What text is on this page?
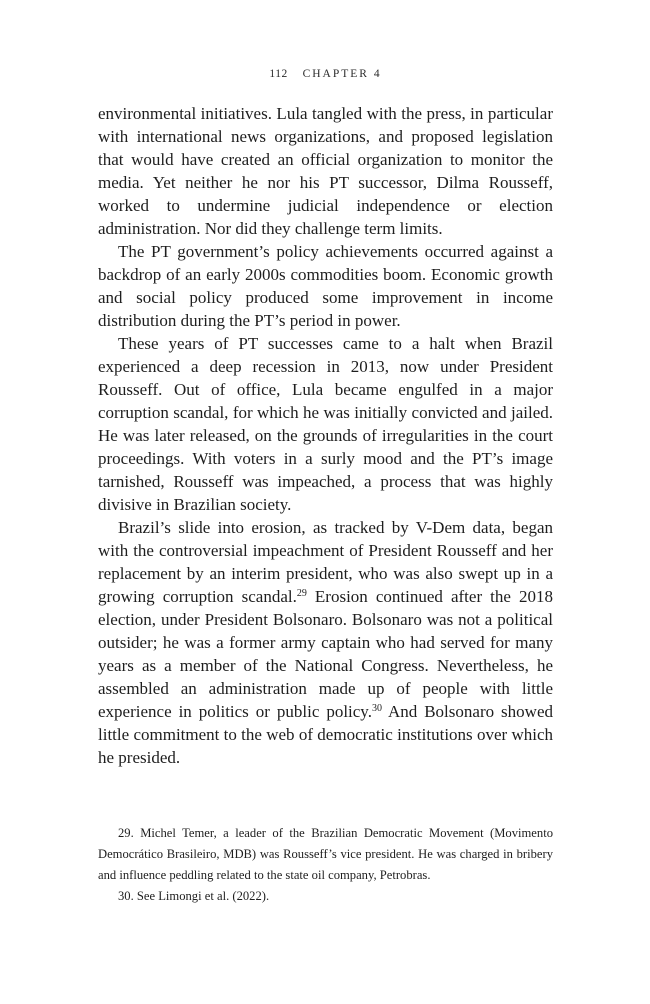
112 CHAPTER 4

environmental initiatives. Lula tangled with the press, in particular with international news organizations, and proposed legislation that would have created an official organization to monitor the media. Yet neither he nor his PT successor, Dilma Rousseff, worked to undermine judicial independence or election administration. Nor did they challenge term limits.

The PT government’s policy achievements occurred against a backdrop of an early 2000s commodities boom. Economic growth and social policy produced some improvement in income distribution during the PT’s period in power.

These years of PT successes came to a halt when Brazil experienced a deep recession in 2013, now under President Rousseff. Out of office, Lula became engulfed in a major corruption scandal, for which he was initially convicted and jailed. He was later released, on the grounds of irregularities in the court proceedings. With voters in a surly mood and the PT’s image tarnished, Rousseff was impeached, a process that was highly divisive in Brazilian society.

Brazil’s slide into erosion, as tracked by V-Dem data, began with the controversial impeachment of President Rousseff and her replacement by an interim president, who was also swept up in a growing corruption scandal.$^{29}$ Erosion continued after the 2018 election, under President Bolsonaro. Bolsonaro was not a political outsider; he was a former army captain who had served for many years as a member of the National Congress. Nevertheless, he assembled an administration made up of people with little experience in politics or public policy.$^{30}$ And Bolsonaro showed little commitment to the web of democratic institutions over which he presided.

29. Michel Temer, a leader of the Brazilian Democratic Movement (Movimento Democrático Brasileiro, MDB) was Rousseff’s vice president. He was charged in bribery and influence peddling related to the state oil company, Petrobras.

30. See Limongi et al. (2022).
